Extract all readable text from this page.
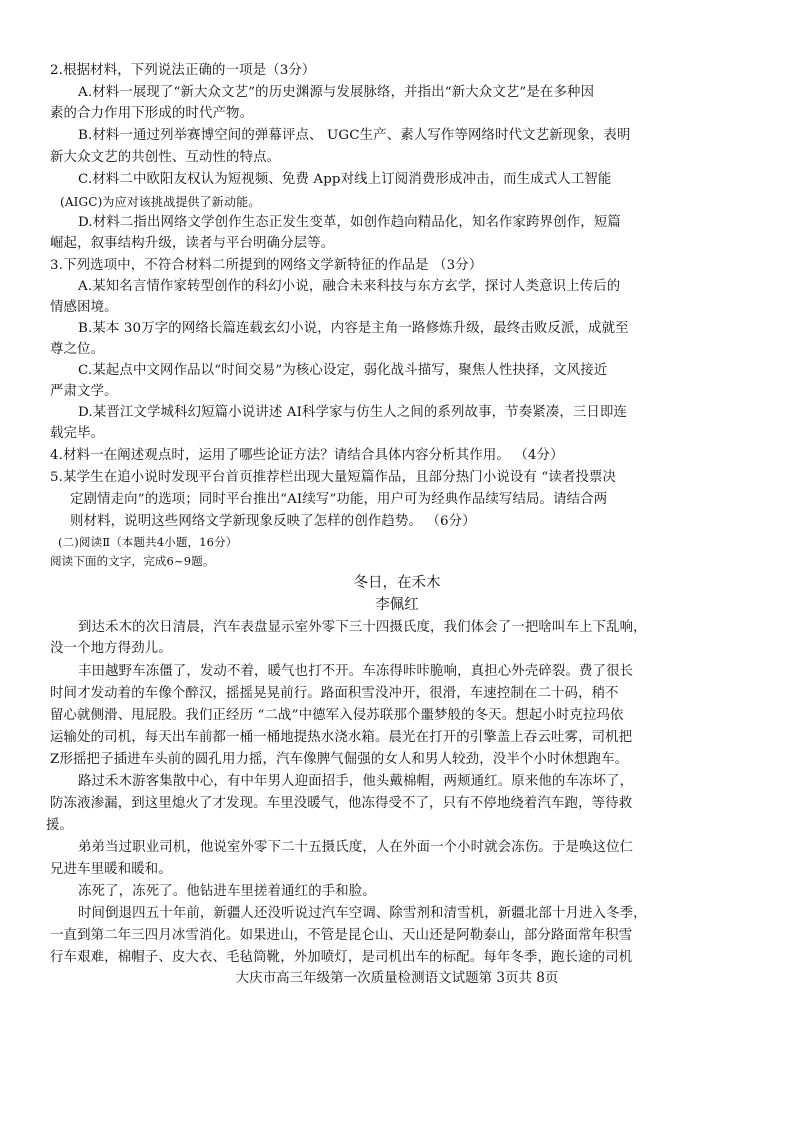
2.根据材料，下列说法正确的一项是（3分）
A.材料一展现了“新大众文艺”的历史渊源与发展脉络，并指出“新大众文艺”是在多种因
素的合力作用下形成的时代产物。
B.材料一通过列举赛博空间的弹幕评点、 UGC生产、素人写作等网络时代文艺新现象，表明
新大众文艺的共创性、互动性的特点。
C.材料二中欧阳友权认为短视频、免费 App对线上订阅消费形成冲击，而生成式人工智能
(AIGC)为应对该挑战提供了新动能。
D.材料二指出网络文学创作生态正发生变革，如创作趋向精品化，知名作家跨界创作，短篇
崛起，叙事结构升级，读者与平台明确分层等。
3.下列选项中，不符合材料二所提到的网络文学新特征的作品是 （3分）
A.某知名言情作家转型创作的科幻小说，融合未来科技与东方玄学，探讨人类意识上传后的
情感困境。
B.某本 30万字的网络长篇连载玄幻小说，内容是主角一路修炼升级，最终击败反派，成就至
尊之位。
C.某起点中文网作品以“时间交易”为核心设定，弱化战斗描写，聚焦人性抉择，文风接近
严肃文学。
D.某晋江文学城科幻短篇小说讲述 AI科学家与仿生人之间的系列故事，节奏紧凑，三日即连
载完毕。
4.材料一在阐述观点时，运用了哪些论证方法？请结合具体内容分析其作用。 （4分）
5.某学生在追小说时发现平台首页推荐栏出现大量短篇作品，且部分热门小说设有 “读者投票决
定剧情走向”的选项；同时平台推出“AI续写”功能，用户可为经典作品续写结局。请结合两
则材料，说明这些网络文学新现象反映了怎样的创作趋势。 （6分）
(二)阅读Ⅱ（本题共4小题，16分）
阅读下面的文字，完成6~9题。
冬日，在禾木
李佩红
到达禾木的次日清晨，汽车表盘显示室外零下三十四摄氏度，我们体会了一把啥叫车上下乱响，
没一个地方得劲儿。
丰田越野车冻僵了，发动不着，暖气也打不开。车冻得咔咔脆响，真担心外壳碎裂。费了很长
时间才发动着的车像个醉汉，摇摇晃晃前行。路面积雪没冲开，很滑，车速控制在二十码，稍不
留心就侧滑、甩屁股。我们正经历 “二战”中德军入侵苏联那个噩梦般的冬天。想起小时克拉玛依
运输处的司机，每天出车前都一桶一桶地提热水浇水箱。晨光在打开的引擎盖上吞云吐雾，司机把
Z形摇把子插进车头前的圆孔用力摇，汽车像脾气倔强的女人和男人较劲，没半个小时休想跑车。
路过禾木游客集散中心，有中年男人迎面招手，他头戴棉帽，两颊通红。原来他的车冻坏了，
防冻液渗漏，到这里熄火了才发现。车里没暖气，他冻得受不了，只有不停地绕着汽车跑，等待救
援。
弟弟当过职业司机，他说室外零下二十五摄氏度，人在外面一个小时就会冻伤。于是唤这位仁
兄进车里暖和暖和。
冻死了，冻死了。他钻进车里搓着通红的手和脸。
时间倒退四五十年前，新疆人还没听说过汽车空调、除雪剂和清雪机，新疆北部十月进入冬季，
一直到第二年三四月冰雪消化。如果进山，不管是昆仑山、天山还是阿勒泰山，部分路面常年积雪
行车艰难，棉帽子、皮大衣、毛毡筒靴，外加喷灯，是司机出车的标配。每年冬季，跑长途的司机
大庆市高三年级第一次质量检测语文试题第 3页共 8页
